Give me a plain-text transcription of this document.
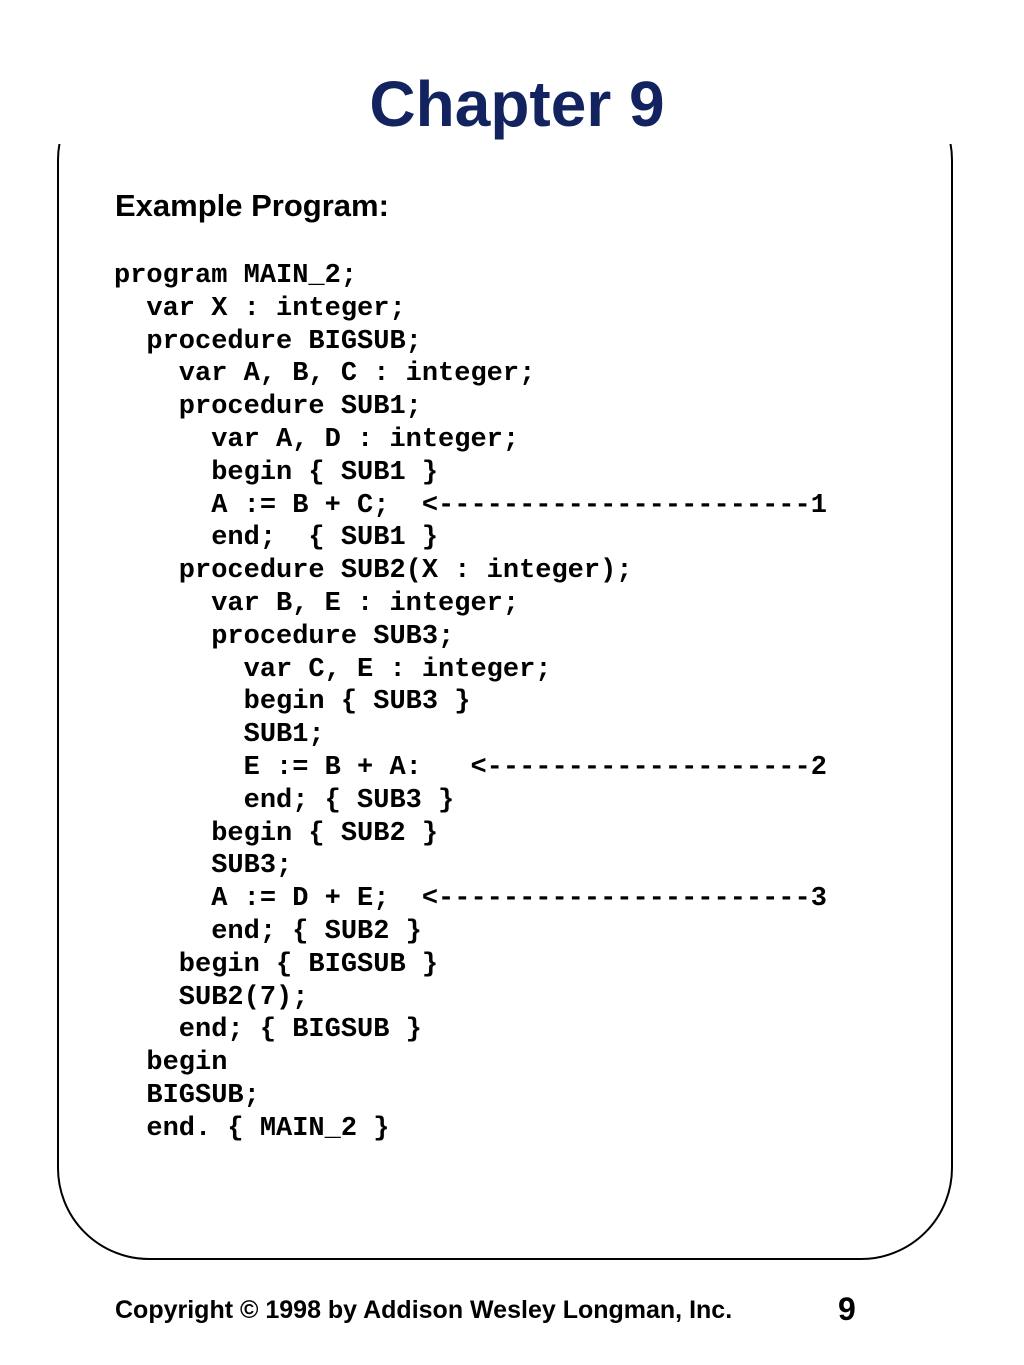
Chapter 9
Example Program:
program MAIN_2;
var X : integer;
procedure BIGSUB;
var A, B, C : integer;
procedure SUB1;
var A, D : integer;
begin { SUB1 }
A := B + C;  <-----------------------1
end;  { SUB1 }
procedure SUB2(X : integer);
var B, E : integer;
procedure SUB3;
var C, E : integer;
begin { SUB3 }
SUB1;
E := B + A:   <--------------------2
end; { SUB3 }
begin { SUB2 }
SUB3;
A := D + E;  <-----------------------3
end; { SUB2 }
begin { BIGSUB }
SUB2(7);
end; { BIGSUB }
begin
BIGSUB;
end. { MAIN_2 }
Copyright © 1998 by Addison Wesley Longman, Inc.	9
